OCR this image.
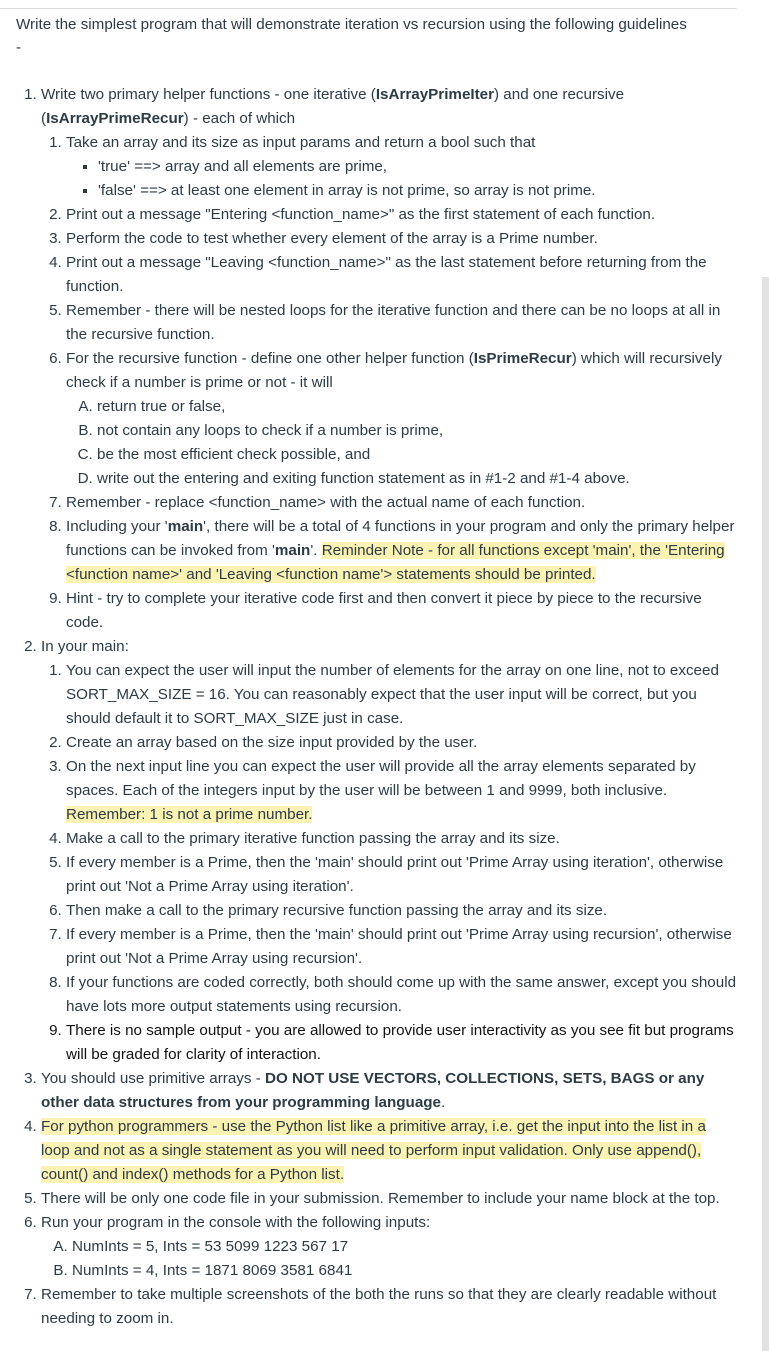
Write the simplest program that will demonstrate iteration vs recursion using the following guidelines

-

1. Write two primary helper functions - one iterative (IsArrayPrimeIter) and one recursive (IsArrayPrimeRecur) - each of which
1. Take an array and its size as input params and return a bool such that
▪ 'true' ==> array and all elements are prime,
▪ 'false' ==> at least one element in array is not prime, so array is not prime.
2. Print out a message "Entering <function_name>" as the first statement of each function.
3. Perform the code to test whether every element of the array is a Prime number.
4. Print out a message "Leaving <function_name>" as the last statement before returning from the function.
5. Remember - there will be nested loops for the iterative function and there can be no loops at all in the recursive function.
6. For the recursive function - define one other helper function (IsPrimeRecur) which will recursively check if a number is prime or not - it will
A. return true or false,
B. not contain any loops to check if a number is prime,
C. be the most efficient check possible, and
D. write out the entering and exiting function statement as in #1-2 and #1-4 above.
7. Remember - replace <function_name> with the actual name of each function.
8. Including your 'main', there will be a total of 4 functions in your program and only the primary helper functions can be invoked from 'main'. Reminder Note - for all functions except 'main', the 'Entering <function name>' and 'Leaving <function name'> statements should be printed.
9. Hint - try to complete your iterative code first and then convert it piece by piece to the recursive code.
2. In your main:
1. You can expect the user will input the number of elements for the array on one line, not to exceed SORT_MAX_SIZE = 16. You can reasonably expect that the user input will be correct, but you should default it to SORT_MAX_SIZE just in case.
2. Create an array based on the size input provided by the user.
3. On the next input line you can expect the user will provide all the array elements separated by spaces. Each of the integers input by the user will be between 1 and 9999, both inclusive. Remember: 1 is not a prime number.
4. Make a call to the primary iterative function passing the array and its size.
5. If every member is a Prime, then the 'main' should print out 'Prime Array using iteration', otherwise print out 'Not a Prime Array using iteration'.
6. Then make a call to the primary recursive function passing the array and its size.
7. If every member is a Prime, then the 'main' should print out 'Prime Array using recursion', otherwise print out 'Not a Prime Array using recursion'.
8. If your functions are coded correctly, both should come up with the same answer, except you should have lots more output statements using recursion.
9. There is no sample output - you are allowed to provide user interactivity as you see fit but programs will be graded for clarity of interaction.
3. You should use primitive arrays - DO NOT USE VECTORS, COLLECTIONS, SETS, BAGS or any other data structures from your programming language.
4. For python programmers - use the Python list like a primitive array, i.e. get the input into the list in a loop and not as a single statement as you will need to perform input validation. Only use append(), count() and index() methods for a Python list.
5. There will be only one code file in your submission. Remember to include your name block at the top.
6. Run your program in the console with the following inputs:
A. NumInts = 5, Ints = 53 5099 1223 567 17
B. NumInts = 4, Ints = 1871 8069 3581 6841
7. Remember to take multiple screenshots of the both the runs so that they are clearly readable without needing to zoom in.
